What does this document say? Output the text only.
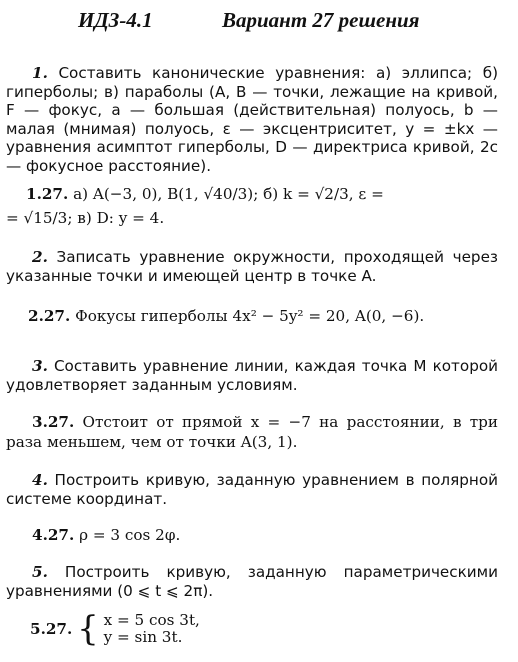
ИДЗ-4.1	Вариант 27 решения
1. Составить канонические уравнения: а) эллипса; б) гиперболы; в) параболы (A, B — точки, лежащие на кривой, F — фокус, a — большая (действительная) полуось, b — малая (мнимая) полуось, ε — эксцентриситет, y = ±kx — уравнения асимптот гиперболы, D — директриса кривой, 2c — фокусное расстояние).
1.27. а) A(−3, 0), B(1, √40/3); б) k = √2/3, ε =
= √15/3; в) D: y = 4.
2. Записать уравнение окружности, проходящей через указанные точки и имеющей центр в точке A.
2.27. Фокусы гиперболы 4x² − 5y² = 20, A(0, −6).
3. Составить уравнение линии, каждая точка M которой удовлетворяет заданным условиям.
3.27. Отстоит от прямой x = −7 на расстоянии, в три раза меньшем, чем от точки A(3, 1).
4. Построить кривую, заданную уравнением в полярной системе координат.
4.27. ρ = 3 cos 2φ.
5. Построить кривую, заданную параметрическими уравнениями (0 ⩽ t ⩽ 2π).
5.27. { x = 5 cos 3t,
y = sin 3t.
